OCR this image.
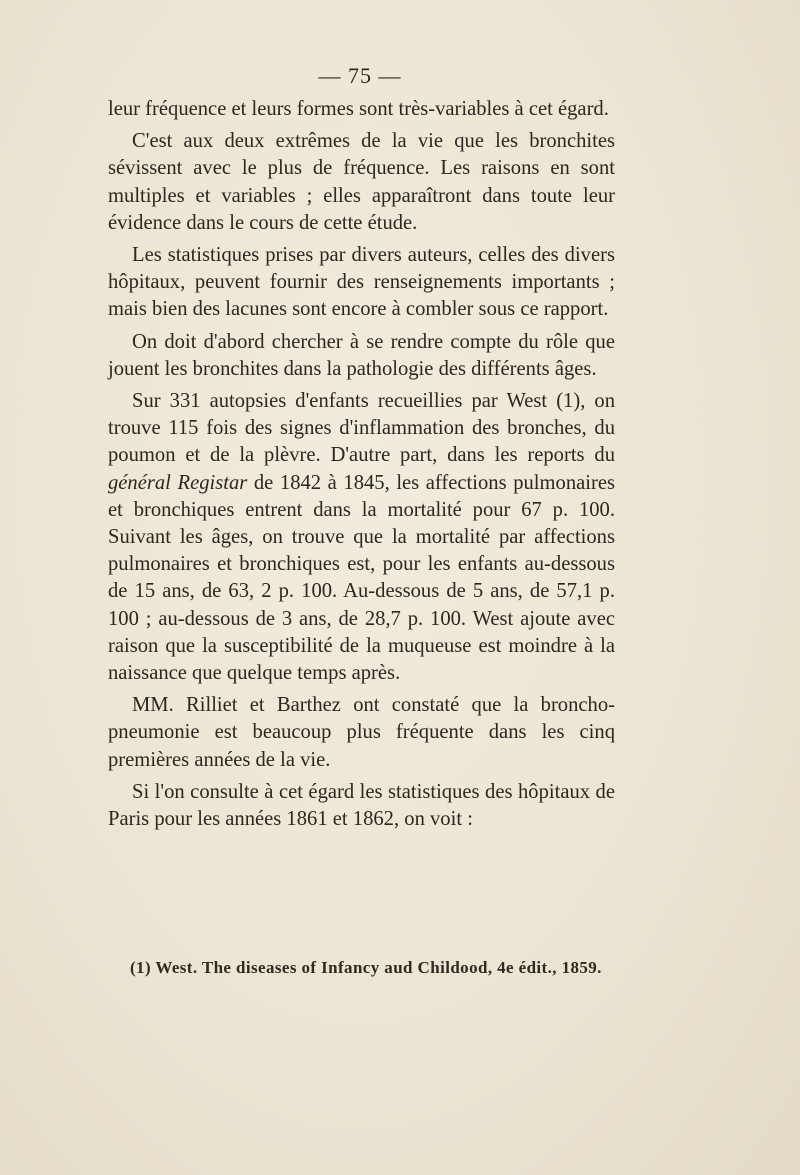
— 75 —

leur fréquence et leurs formes sont très-variables à cet égard.

C'est aux deux extrêmes de la vie que les bronchites sévissent avec le plus de fréquence. Les raisons en sont multiples et variables ; elles apparaîtront dans toute leur évidence dans le cours de cette étude.

Les statistiques prises par divers auteurs, celles des divers hôpitaux, peuvent fournir des renseignements importants ; mais bien des lacunes sont encore à combler sous ce rapport.

On doit d'abord chercher à se rendre compte du rôle que jouent les bronchites dans la pathologie des différents âges.

Sur 331 autopsies d'enfants recueillies par West (1), on trouve 115 fois des signes d'inflammation des bronches, du poumon et de la plèvre. D'autre part, dans les reports du général Registar de 1842 à 1845, les affections pulmonaires et bronchiques entrent dans la mortalité pour 67 p. 100. Suivant les âges, on trouve que la mortalité par affections pulmonaires et bronchiques est, pour les enfants au-dessous de 15 ans, de 63, 2 p. 100. Au-dessous de 5 ans, de 57,1 p. 100 ; au-dessous de 3 ans, de 28,7 p. 100. West ajoute avec raison que la susceptibilité de la muqueuse est moindre à la naissance que quelque temps après.

MM. Rilliet et Barthez ont constaté que la broncho-pneumonie est beaucoup plus fréquente dans les cinq premières années de la vie.

Si l'on consulte à cet égard les statistiques des hôpitaux de Paris pour les années 1861 et 1862, on voit :

(1) West. The diseases of Infancy aud Childood, 4e édit., 1859.
